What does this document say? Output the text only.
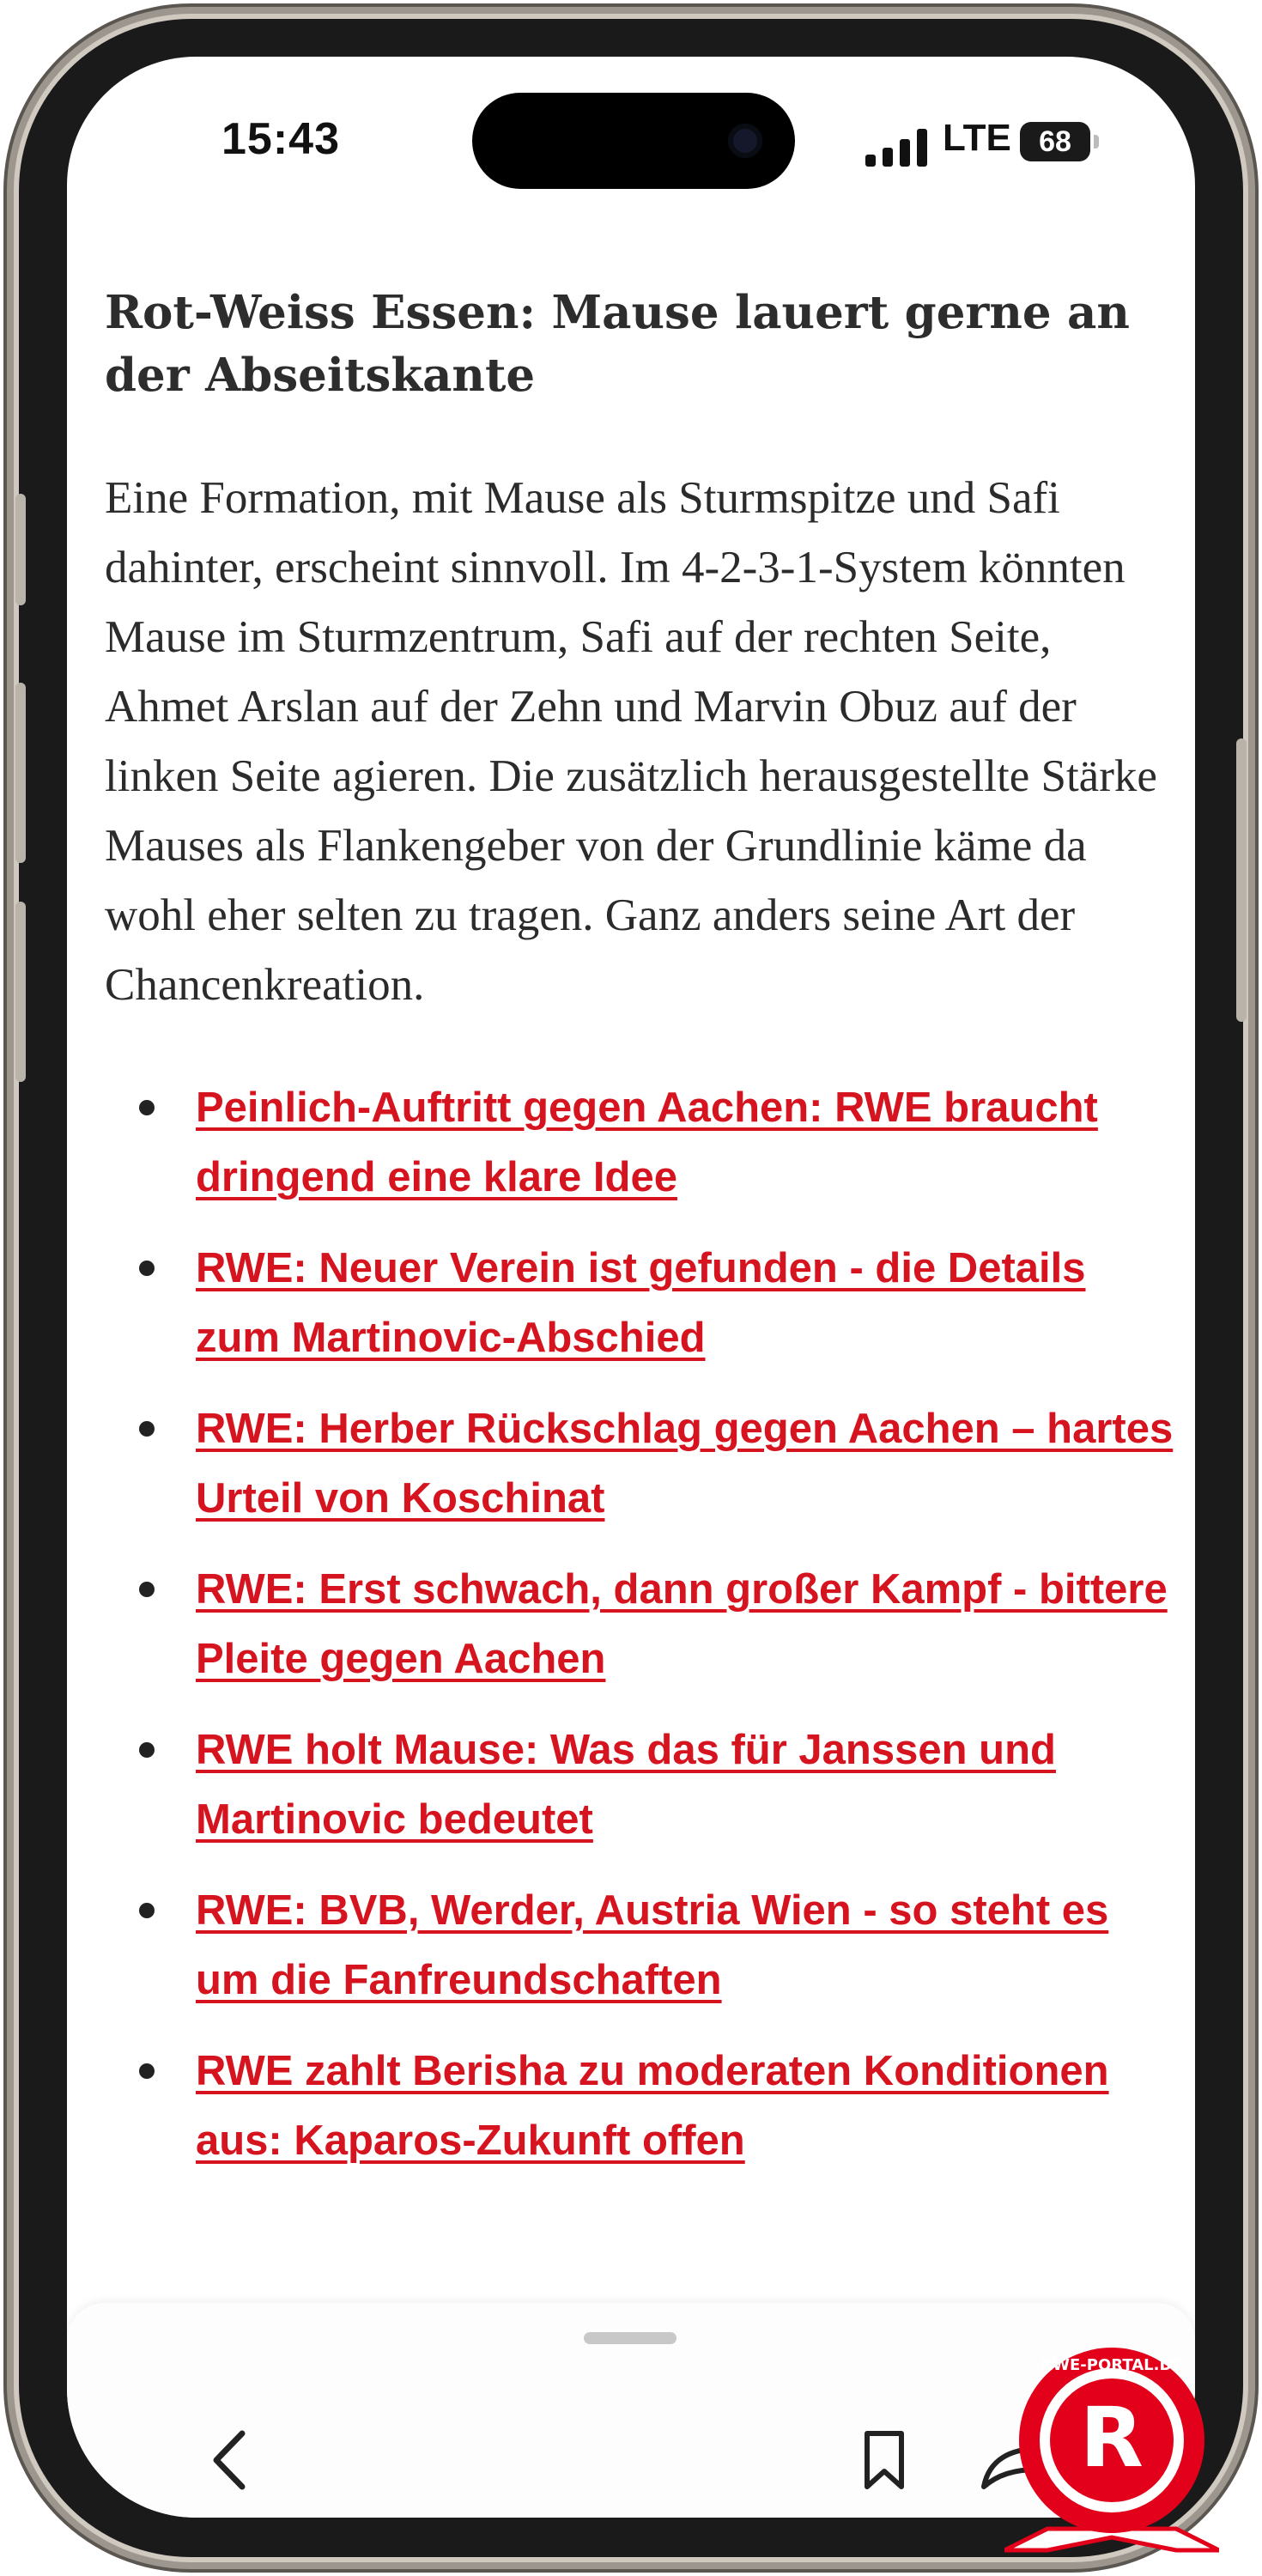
15:43	LTE 68
Rot-Weiss Essen: Mause lauert gerne an der Abseitskante

Eine Formation, mit Mause als Sturmspitze und Safi dahinter, erscheint sinnvoll. Im 4-2-3-1-System könnten Mause im Sturmzentrum, Safi auf der rechten Seite, Ahmet Arslan auf der Zehn und Marvin Obuz auf der linken Seite agieren. Die zusätzlich herausgestellte Stärke Mauses als Flankengeber von der Grundlinie käme da wohl eher selten zu tragen. Ganz anders seine Art der Chancenkreation.

Peinlich-Auftritt gegen Aachen: RWE braucht dringend eine klare Idee
RWE: Neuer Verein ist gefunden - die Details zum Martinovic-Abschied
RWE: Herber Rückschlag gegen Aachen – hartes Urteil von Koschinat
RWE: Erst schwach, dann großer Kampf - bittere Pleite gegen Aachen
RWE holt Mause: Was das für Janssen und Martinovic bedeutet
RWE: BVB, Werder, Austria Wien - so steht es um die Fanfreundschaften
RWE zahlt Berisha zu moderaten Konditionen aus: Kaparos-Zukunft offen
R
RWE-PORTAL.DE
